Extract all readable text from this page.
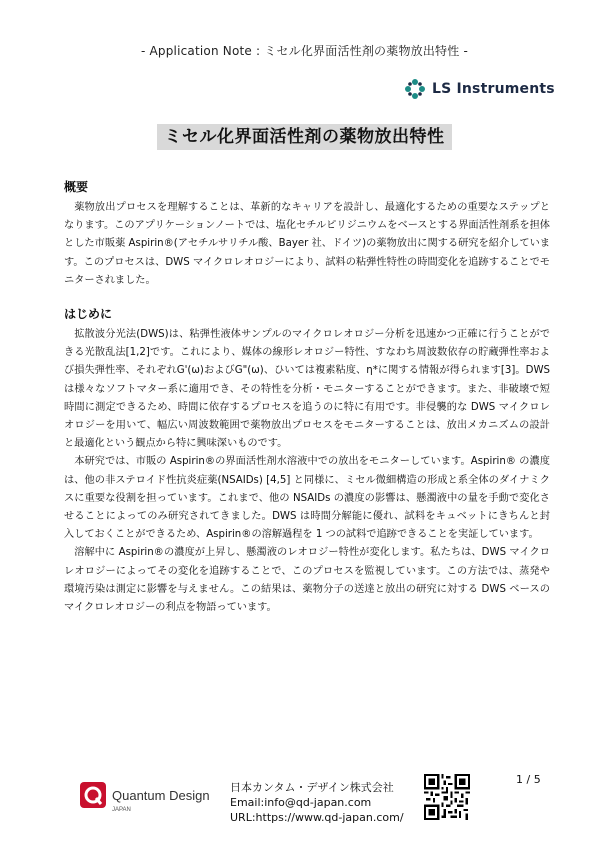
- Application Note : ミセル化界面活性剤の薬物放出特性 -
LS Instruments
ミセル化界面活性剤の薬物放出特性
概要

薬物放出プロセスを理解することは、革新的なキャリアを設計し、最適化するための重要なステップとなります。このアプリケーションノートでは、塩化セチルピリジニウムをベースとする界面活性剤系を担体とした市販薬 Aspirin®(アセチルサリチル酸、Bayer 社、ドイツ)の薬物放出に関する研究を紹介しています。このプロセスは、DWS マイクロレオロジーにより、試料の粘弾性特性の時間変化を追跡することでモニターされました。

はじめに

拡散波分光法(DWS)は、粘弾性液体サンプルのマイクロレオロジー分析を迅速かつ正確に行うことができる光散乱法[1,2]です。これにより、媒体の線形レオロジー特性、すなわち周波数依存の貯蔵弾性率および損失弾性率、それぞれG'(ω)およびG"(ω)、ひいては複素粘度、η*に関する情報が得られます[3]。DWS は様々なソフトマター系に適用でき、その特性を分析・モニターすることができます。また、非破壊で短時間に測定できるため、時間に依存するプロセスを追うのに特に有用です。非侵襲的な DWS マイクロレオロジーを用いて、幅広い周波数範囲で薬物放出プロセスをモニターすることは、放出メカニズムの設計と最適化という観点から特に興味深いものです。

本研究では、市販の Aspirin®の界面活性剤水溶液中での放出をモニターしています。Aspirin® の濃度は、他の非ステロイド性抗炎症薬(NSAIDs) [4,5] と同様に、ミセル微細構造の形成と系全体のダイナミクスに重要な役割を担っています。これまで、他の NSAIDs の濃度の影響は、懸濁液中の量を手動で変化させることによってのみ研究されてきました。DWS は時間分解能に優れ、試料をキュベットにきちんと封入しておくことができるため、Aspirin®の溶解過程を 1 つの試料で追跡できることを実証しています。

溶解中に Aspirin®の濃度が上昇し、懸濁液のレオロジー特性が変化します。私たちは、DWS マイクロレオロジーによってその変化を追跡することで、このプロセスを監視しています。この方法では、蒸発や環境汚染は測定に影響を与えません。この結果は、薬物分子の送達と放出の研究に対する DWS ベースのマイクロレオロジーの利点を物語っています。

Quantum Design
JAPAN
日本カンタム・デザイン株式会社
Email:info@qd-japan.com
URL:https://www.qd-japan.com/
1 / 5
